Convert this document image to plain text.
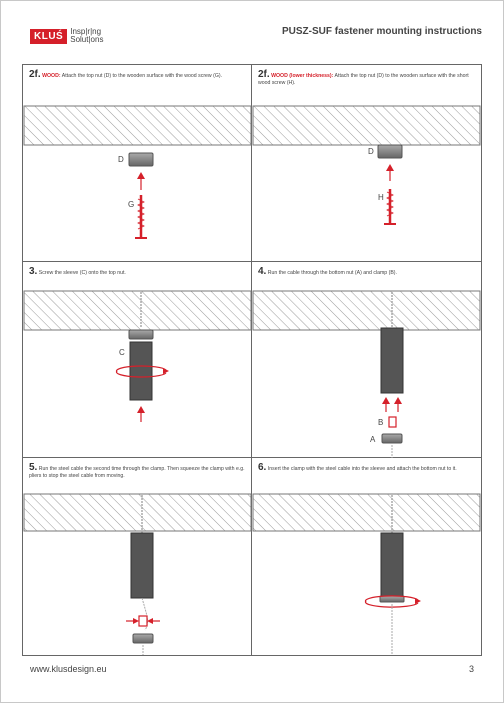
KLUŚ Insp|r|ng
Solut|ons
PUSZ-SUF fastener mounting instructions
2f. WOOD: Attach the top nut (D) to the wooden surface with the wood screw (G).
D
G
2f. WOOD (lower thickness): Attach the top nut (D) to the wooden surface with the short wood screw (H).
D
H
3. Screw the sleeve (C) onto the top nut.
C
4. Run the cable through the bottom nut (A) and clamp (B).
B
A
5. Run the steel cable the second time through the clamp. Then squeeze the clamp with e.g. pliers to stop the steel cable from moving.
6. Insert the clamp with the steel cable into the sleeve and attach the bottom nut to it.
www.klusdesign.eu	3
